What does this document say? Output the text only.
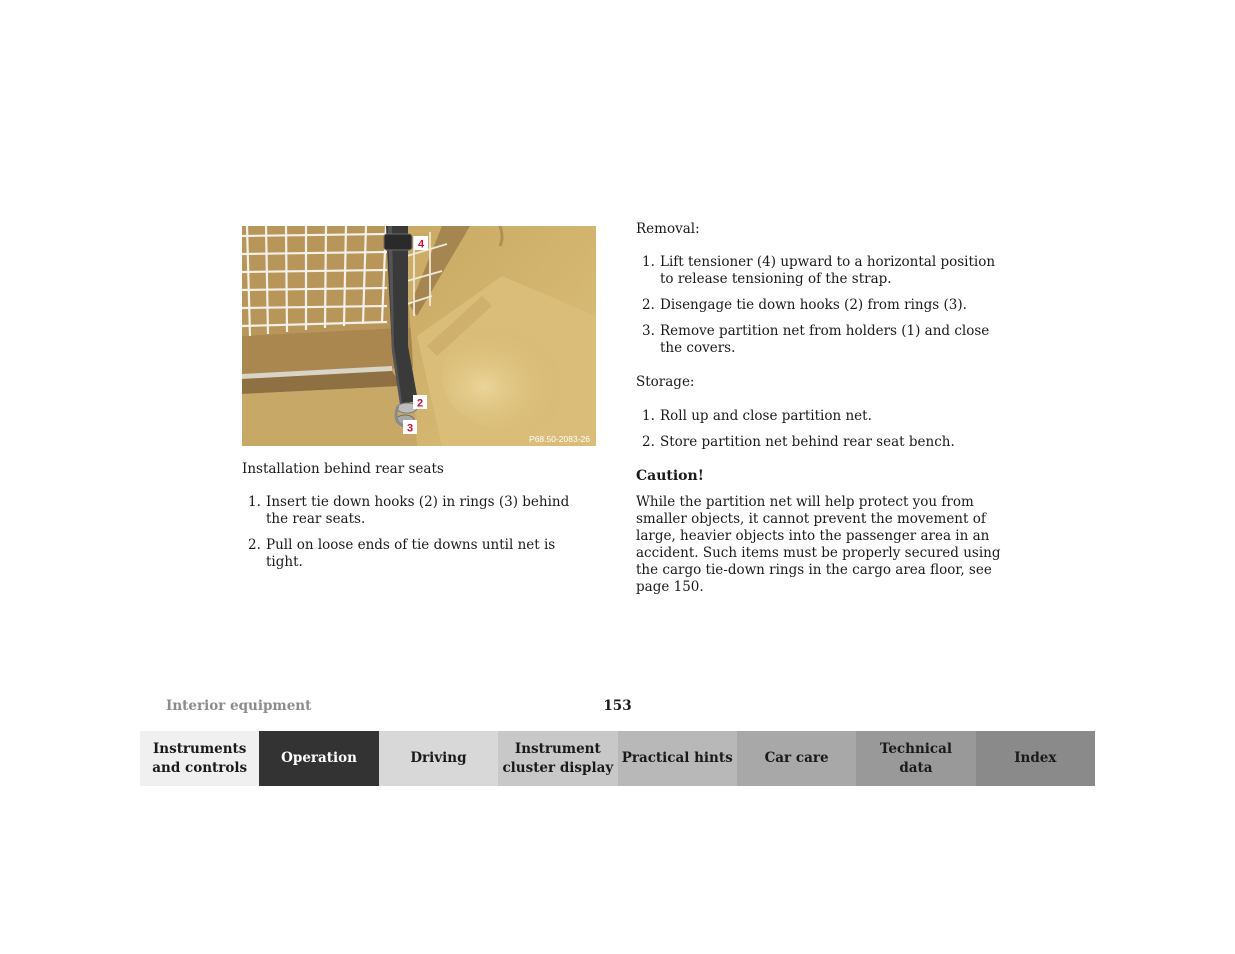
4
2
3
P68.50-2083-26
Installation behind rear seats
1. Insert tie down hooks (2) in rings (3) behind the rear seats.
2. Pull on loose ends of tie downs until net is tight.
Removal:
1. Lift tensioner (4) upward to a horizontal position to release tensioning of the strap.
2. Disengage tie down hooks (2) from rings (3).
3. Remove partition net from holders (1) and close the covers.
Storage:
1. Roll up and close partition net.
2. Store partition net behind rear seat bench.
Caution!
While the partition net will help protect you from smaller objects, it cannot prevent the movement of large, heavier objects into the passenger area in an accident. Such items must be properly secured using the cargo tie-down rings in the cargo area floor, see page 150.
Interior equipment	153
Instruments
and controls
Operation	Driving
Instrument
cluster display
Practical hints Car care
Technical
data
Index
